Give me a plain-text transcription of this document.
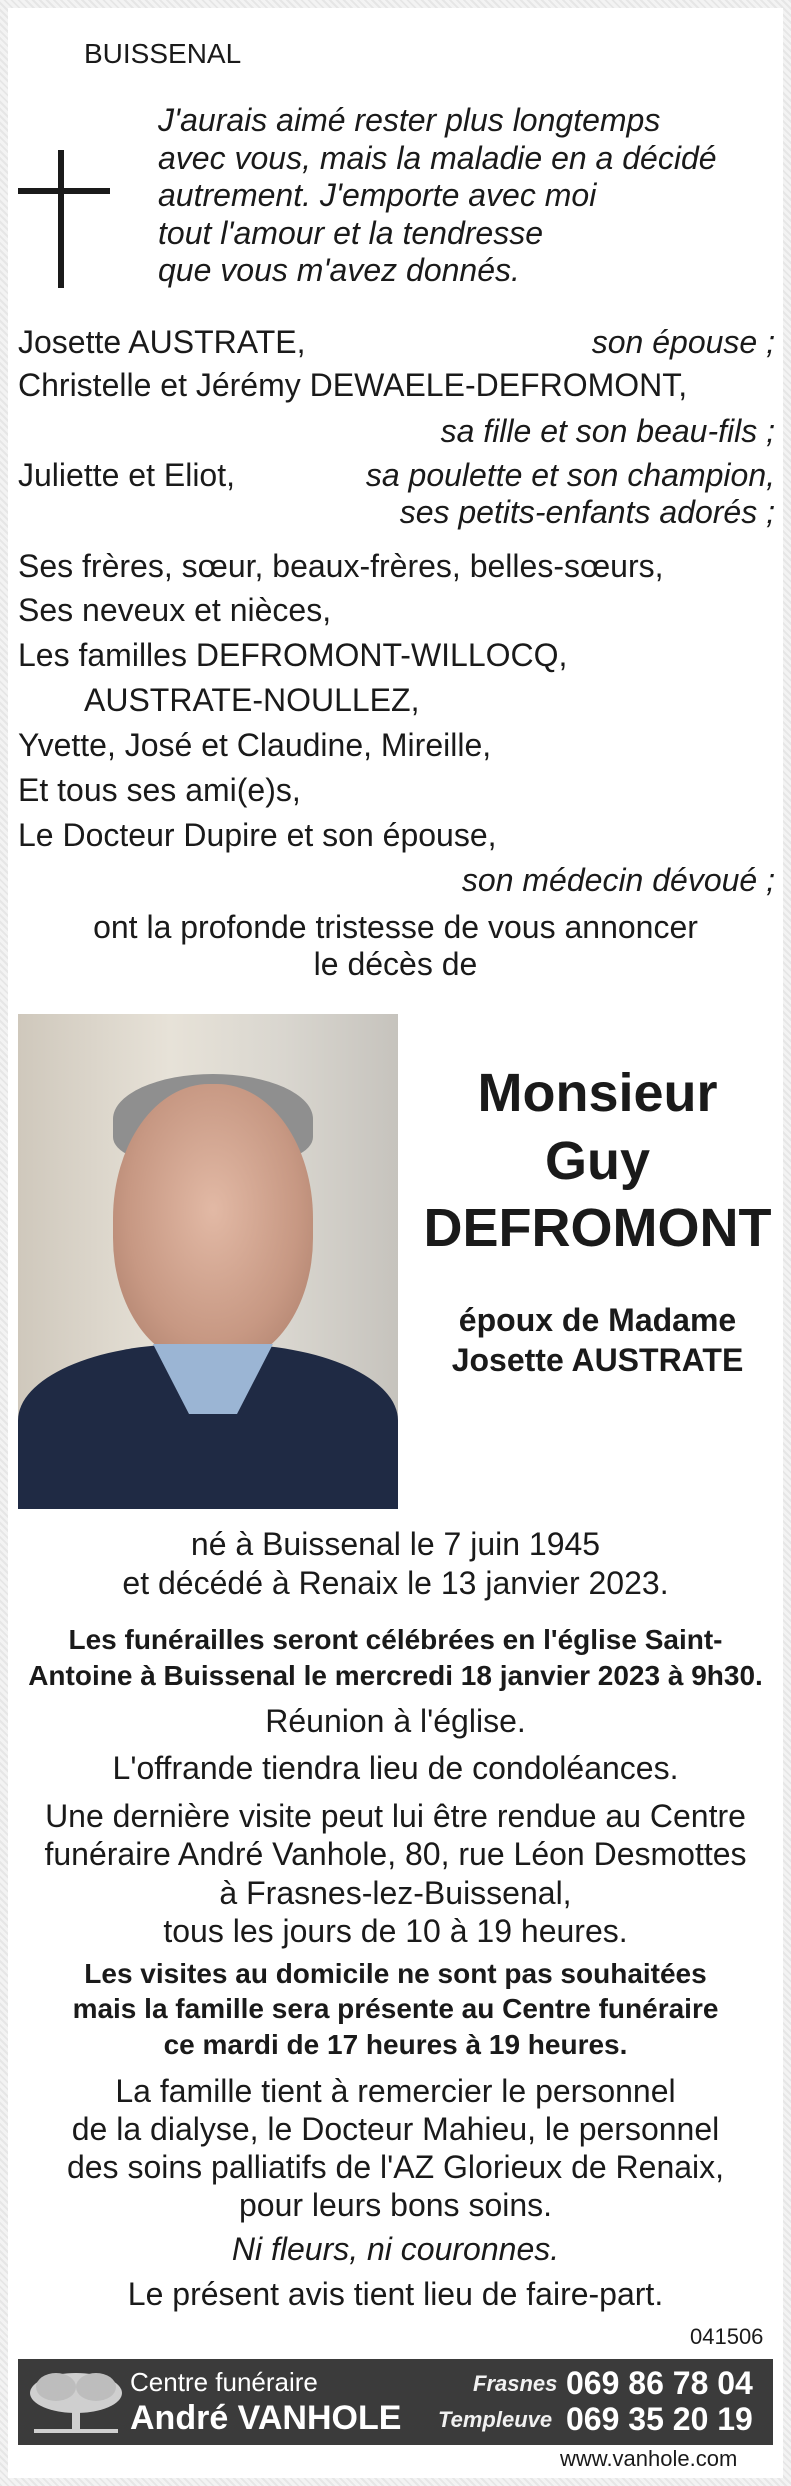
BUISSENAL
J'aurais aimé rester plus longtemps
avec vous, mais la maladie en a décidé
autrement. J'emporte avec moi
tout l'amour et la tendresse
que vous m'avez donnés.
Josette AUSTRATE,	son épouse ;
Christelle et Jérémy DEWAELE-DEFROMONT,
sa fille et son beau-fils ;
Juliette et Eliot,	sa poulette et son champion,
ses petits-enfants adorés ;
Ses frères, sœur, beaux-frères, belles-sœurs,
Ses neveux et nièces,
Les familles DEFROMONT-WILLOCQ,
AUSTRATE-NOULLEZ,
Yvette, José et Claudine, Mireille,
Et tous ses ami(e)s,
Le Docteur Dupire et son épouse,
son médecin dévoué ;
ont la profonde tristesse de vous annoncer
le décès de
Monsieur
Guy
DEFROMONT
époux de Madame
Josette AUSTRATE
né à Buissenal le 7 juin 1945
et décédé à Renaix le 13 janvier 2023.
Les funérailles seront célébrées en l'église Saint-
Antoine à Buissenal le mercredi 18 janvier 2023 à 9h30.
Réunion à l'église.
L'offrande tiendra lieu de condoléances.
Une dernière visite peut lui être rendue au Centre
funéraire André Vanhole, 80, rue Léon Desmottes
à Frasnes-lez-Buissenal,
tous les jours de 10 à 19 heures.
Les visites au domicile ne sont pas souhaitées
mais la famille sera présente au Centre funéraire
ce mardi de 17 heures à 19 heures.
La famille tient à remercier le personnel
de la dialyse, le Docteur Mahieu, le personnel
des soins palliatifs de l'AZ Glorieux de Renaix,
pour leurs bons soins.
Ni fleurs, ni couronnes.
Le présent avis tient lieu de faire-part.
041506
Centre funéraire
André VANHOLE
Frasnes 069 86 78 04
Templeuve 069 35 20 19
www.vanhole.com
